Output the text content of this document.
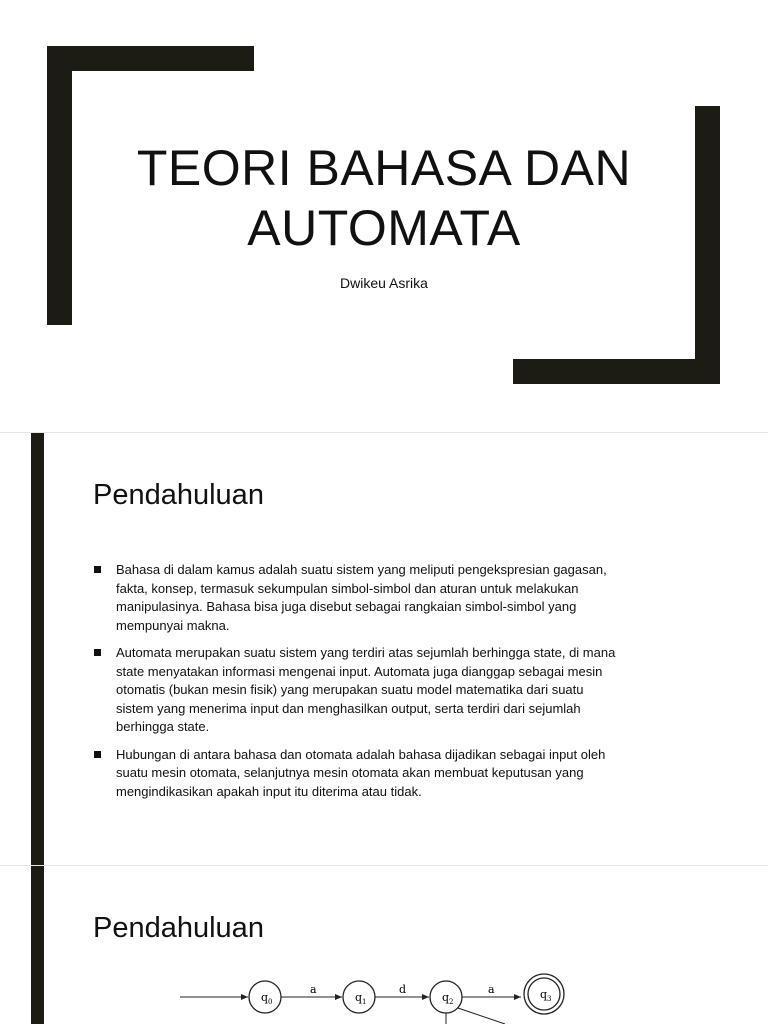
TEORI BAHASA DAN
AUTOMATA
Dwikeu Asrika
Pendahuluan
Bahasa di dalam kamus adalah suatu sistem yang meliputi pengekspresian gagasan,
fakta, konsep, termasuk sekumpulan simbol-simbol dan aturan untuk melakukan
manipulasinya. Bahasa bisa juga disebut sebagai rangkaian simbol-simbol yang
mempunyai makna.
Automata merupakan suatu sistem yang terdiri atas sejumlah berhingga state, di mana
state menyatakan informasi mengenai input. Automata juga dianggap sebagai mesin
otomatis (bukan mesin fisik) yang merupakan suatu model matematika dari suatu
sistem yang menerima input dan menghasilkan output, serta terdiri dari sejumlah
berhingga state.
Hubungan di antara bahasa dan otomata adalah bahasa dijadikan sebagai input oleh
suatu mesin otomata, selanjutnya mesin otomata akan membuat keputusan yang
mengindikasikan apakah input itu diterima atau tidak.
Pendahuluan
$q_0$
a
$q_1$
d
$q_2$
a	$q_3$
